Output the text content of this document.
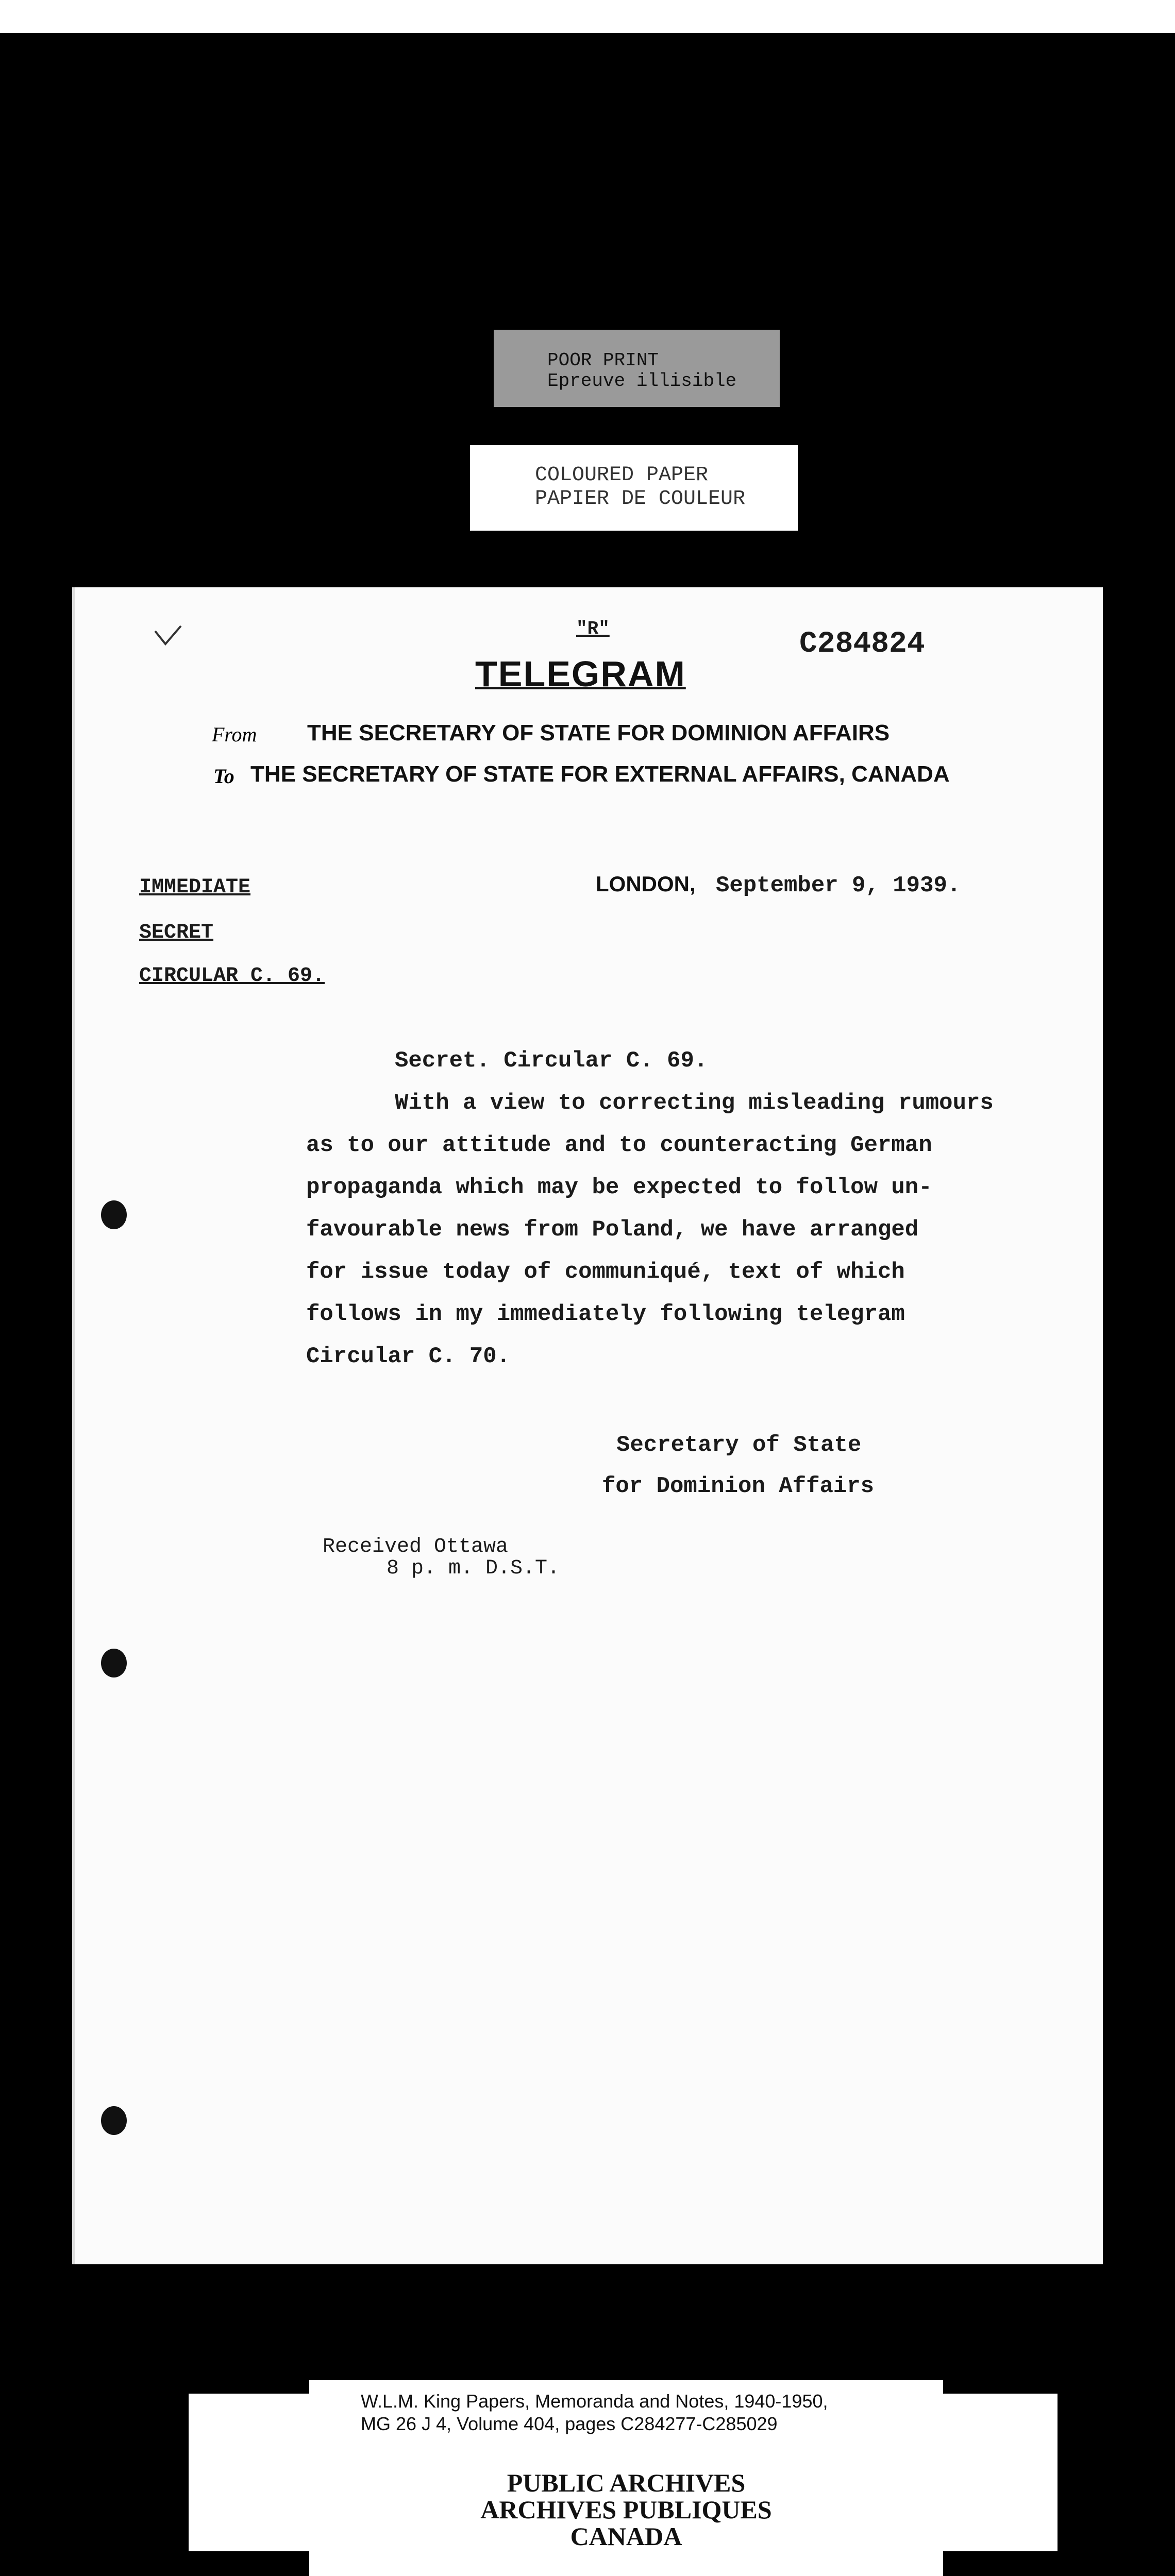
POOR PRINT
Epreuve illisible
COLOURED PAPER
PAPIER DE COULEUR
"R"	C284824
TELEGRAM
From THE SECRETARY OF STATE FOR DOMINION AFFAIRS
To THE SECRETARY OF STATE FOR EXTERNAL AFFAIRS, CANADA
IMMEDIATE
SECRET
CIRCULAR C. 69.
LONDON, September 9, 1939.
Secret. Circular C. 69.
With a view to correcting misleading rumours
as to our attitude and to counteracting German
propaganda which may be expected to follow un-
favourable news from Poland, we have arranged
for issue today of communiqué, text of which
follows in my immediately following telegram
Circular C. 70.
Secretary of State
for Dominion Affairs
Received Ottawa
8 p. m. D.S.T.
W.L.M. King Papers, Memoranda and Notes, 1940-1950,
MG 26 J 4, Volume 404, pages C284277-C285029
PUBLIC ARCHIVES
ARCHIVES PUBLIQUES
CANADA
